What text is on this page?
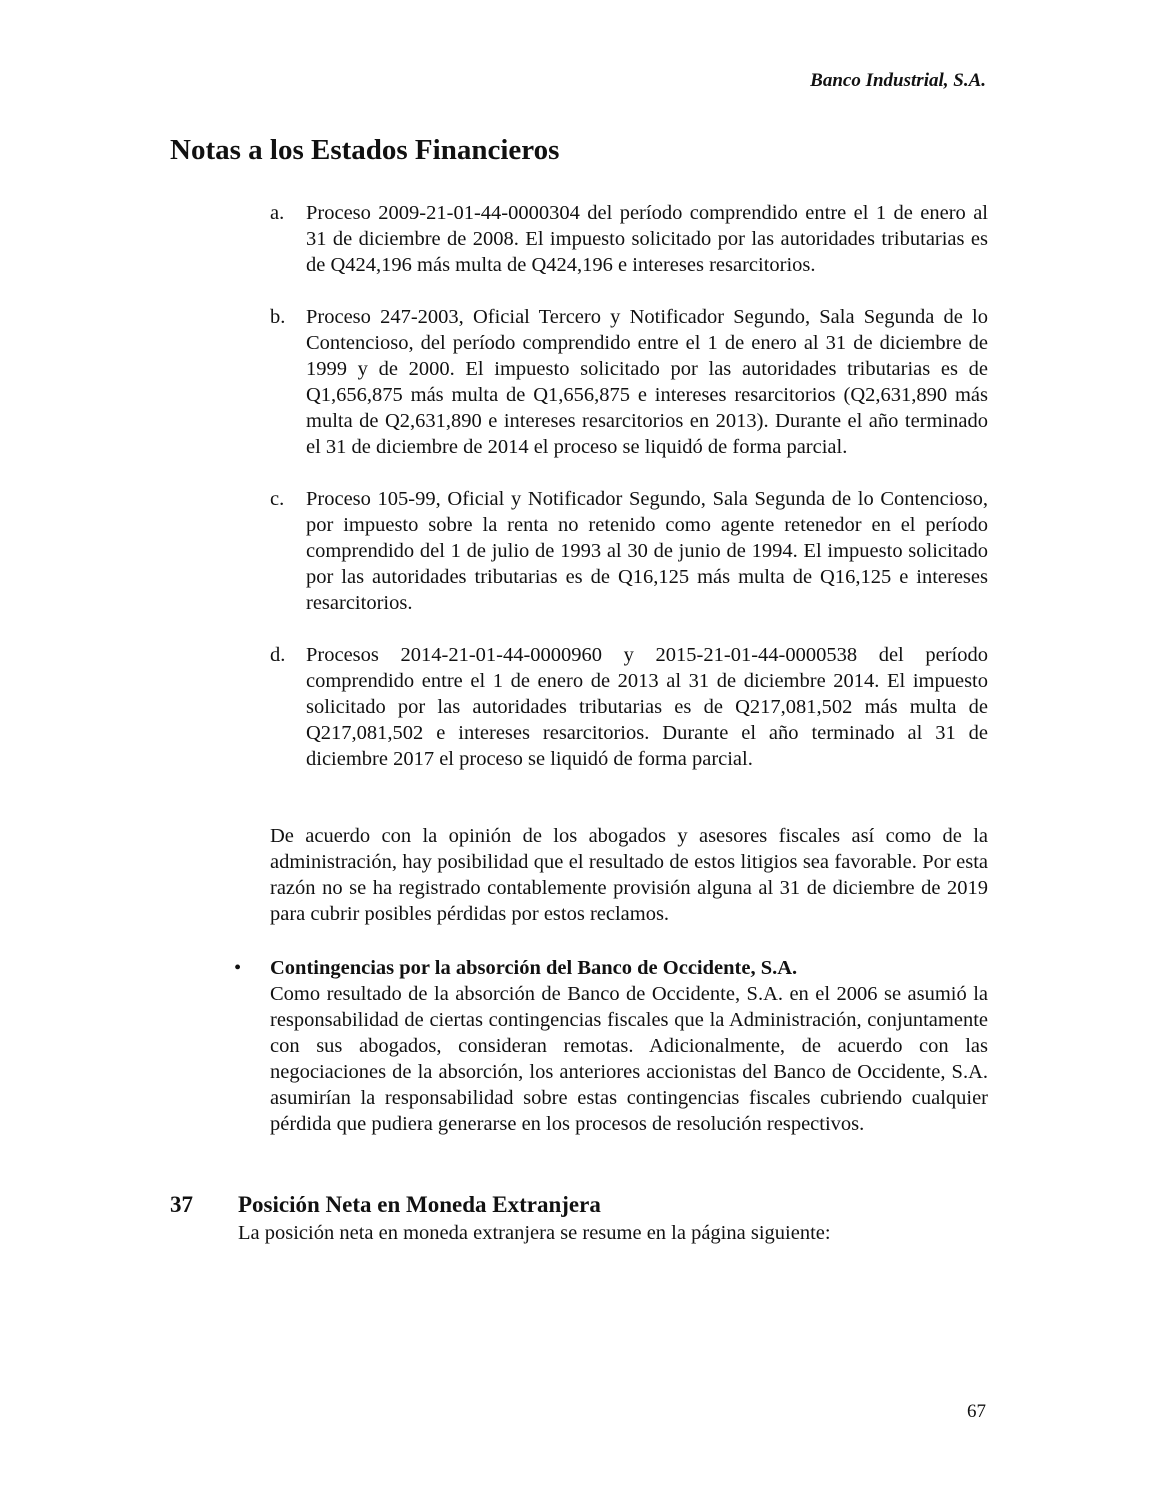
Banco Industrial, S.A.
Notas a los Estados Financieros
a.	Proceso 2009-21-01-44-0000304 del período comprendido entre el 1 de enero al 31 de diciembre de 2008. El impuesto solicitado por las autoridades tributarias es de Q424,196 más multa de Q424,196 e intereses resarcitorios.
b.	Proceso 247-2003, Oficial Tercero y Notificador Segundo, Sala Segunda de lo Contencioso, del período comprendido entre el 1 de enero al 31 de diciembre de 1999 y de 2000. El impuesto solicitado por las autoridades tributarias es de Q1,656,875 más multa de Q1,656,875 e intereses resarcitorios (Q2,631,890 más multa de Q2,631,890 e intereses resarcitorios en 2013). Durante el año terminado el 31 de diciembre de 2014 el proceso se liquidó de forma parcial.
c.	Proceso 105-99, Oficial y Notificador Segundo, Sala Segunda de lo Contencioso, por impuesto sobre la renta no retenido como agente retenedor en el período comprendido del 1 de julio de 1993 al 30 de junio de 1994. El impuesto solicitado por las autoridades tributarias es de Q16,125 más multa de Q16,125 e intereses resarcitorios.
d.	Procesos 2014-21-01-44-0000960 y 2015-21-01-44-0000538 del período comprendido entre el 1 de enero de 2013 al 31 de diciembre 2014. El impuesto solicitado por las autoridades tributarias es de Q217,081,502 más multa de Q217,081,502 e intereses resarcitorios. Durante el año terminado al 31 de diciembre 2017 el proceso se liquidó de forma parcial.

De acuerdo con la opinión de los abogados y asesores fiscales así como de la administración, hay posibilidad que el resultado de estos litigios sea favorable. Por esta razón no se ha registrado contablemente provisión alguna al 31 de diciembre de 2019 para cubrir posibles pérdidas por estos reclamos.

•	Contingencias por la absorción del Banco de Occidente, S.A.

Como resultado de la absorción de Banco de Occidente, S.A. en el 2006 se asumió la responsabilidad de ciertas contingencias fiscales que la Administración, conjuntamente con sus abogados, consideran remotas. Adicionalmente, de acuerdo con las negociaciones de la absorción, los anteriores accionistas del Banco de Occidente, S.A. asumirían la responsabilidad sobre estas contingencias fiscales cubriendo cualquier pérdida que pudiera generarse en los procesos de resolución respectivos.

37	Posición Neta en Moneda Extranjera

La posición neta en moneda extranjera se resume en la página siguiente:

67
